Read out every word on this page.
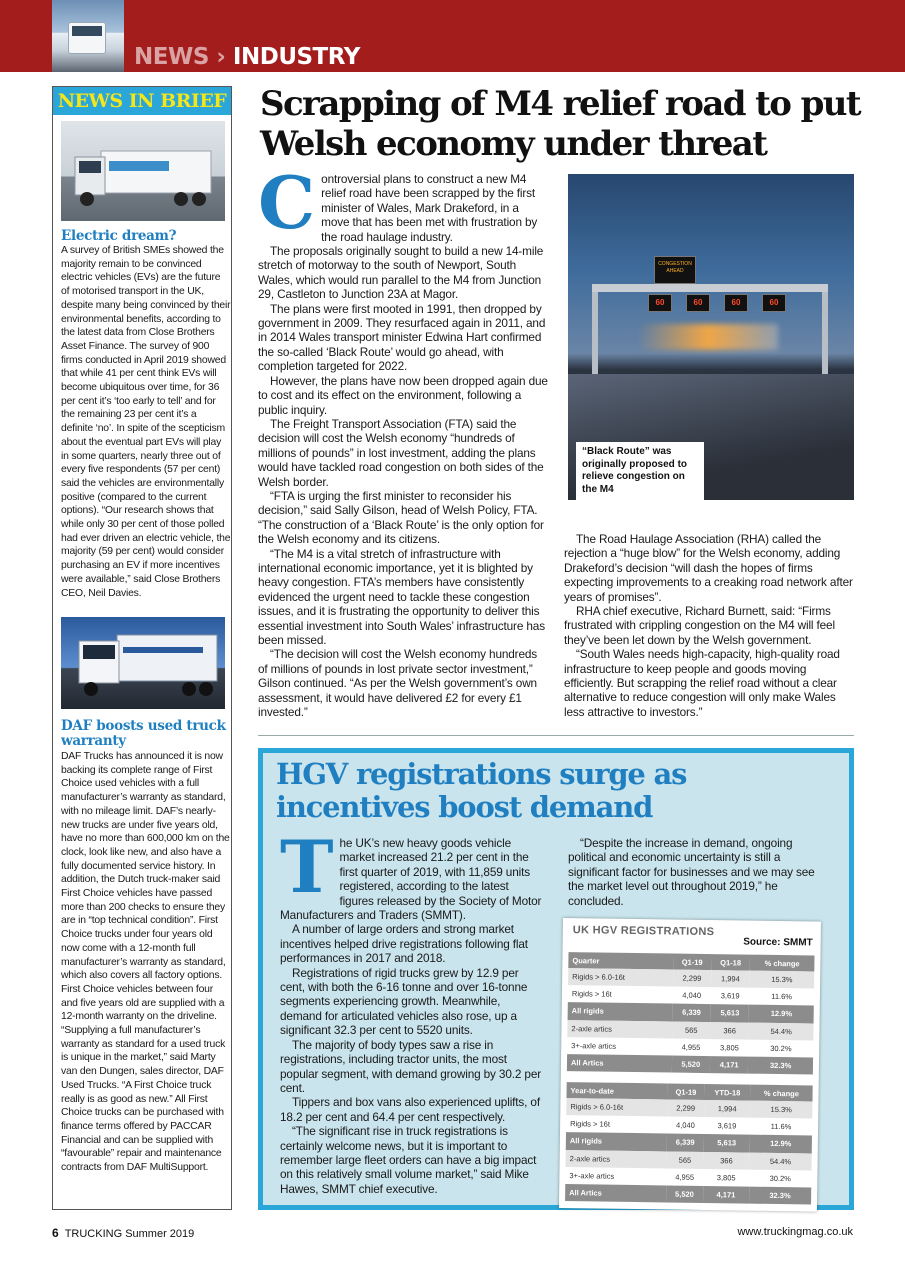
NEWS › INDUSTRY
NEWS IN BRIEF
Electric dream?
A survey of British SMEs showed the majority remain to be convinced electric vehicles (EVs) are the future of motorised transport in the UK, despite many being convinced by their environmental benefits, according to the latest data from Close Brothers Asset Finance. The survey of 900 firms conducted in April 2019 showed that while 41 per cent think EVs will become ubiquitous over time, for 36 per cent it’s ‘too early to tell’ and for the remaining 23 per cent it’s a definite ‘no’. In spite of the scepticism about the eventual part EVs will play in some quarters, nearly three out of every five respondents (57 per cent) said the vehicles are environmentally positive (compared to the current options). “Our research shows that while only 30 per cent of those polled had ever driven an electric vehicle, the majority (59 per cent) would consider purchasing an EV if more incentives were available,” said Close Brothers CEO, Neil Davies.
DAF boosts used truck warranty
DAF Trucks has announced it is now backing its complete range of First Choice used vehicles with a full manufacturer’s warranty as standard, with no mileage limit. DAF’s nearly-new trucks are under five years old, have no more than 600,000 km on the clock, look like new, and also have a fully documented service history. In addition, the Dutch truck-maker said First Choice vehicles have passed more than 200 checks to ensure they are in “top technical condition”. First Choice trucks under four years old now come with a 12-month full manufacturer’s warranty as standard, which also covers all factory options. First Choice vehicles between four and five years old are supplied with a 12-month warranty on the driveline. “Supplying a full manufacturer’s warranty as standard for a used truck is unique in the market,” said Marty van den Dungen, sales director, DAF Used Trucks. “A First Choice truck really is as good as new.” All First Choice trucks can be purchased with finance terms offered by PACCAR Financial and can be supplied with “favourable” repair and maintenance contracts from DAF MultiSupport.
Scrapping of M4 relief road to put Welsh economy under threat
C ontroversial plans to construct a new M4 relief road have been scrapped by the first minister of Wales, Mark Drakeford, in a move that has been met with frustration by the road haulage industry.

The proposals originally sought to build a new 14-mile stretch of motorway to the south of Newport, South Wales, which would run parallel to the M4 from Junction 29, Castleton to Junction 23A at Magor.

The plans were first mooted in 1991, then dropped by government in 2009. They resurfaced again in 2011, and in 2014 Wales transport minister Edwina Hart confirmed the so-called ‘Black Route’ would go ahead, with completion targeted for 2022.

However, the plans have now been dropped again due to cost and its effect on the environment, following a public inquiry.

The Freight Transport Association (FTA) said the decision will cost the Welsh economy “hundreds of millions of pounds” in lost investment, adding the plans would have tackled road congestion on both sides of the Welsh border.

“FTA is urging the first minister to reconsider his decision,” said Sally Gilson, head of Welsh Policy, FTA. “The construction of a ‘Black Route’ is the only option for the Welsh economy and its citizens.

“The M4 is a vital stretch of infrastructure with international economic importance, yet it is blighted by heavy congestion. FTA’s members have consistently evidenced the urgent need to tackle these congestion issues, and it is frustrating the opportunity to deliver this essential investment into South Wales’ infrastructure has been missed.

“The decision will cost the Welsh economy hundreds of millions of pounds in lost private sector investment,” Gilson continued. “As per the Welsh government’s own assessment, it would have delivered £2 for every £1 invested.”

CONGESTION
AHEAD
60	60	60	60
“Black Route” was originally proposed to relieve congestion on the M4

The Road Haulage Association (RHA) called the rejection a “huge blow” for the Welsh economy, adding Drakeford’s decision “will dash the hopes of firms expecting improvements to a creaking road network after years of promises”.

RHA chief executive, Richard Burnett, said: “Firms frustrated with crippling congestion on the M4 will feel they’ve been let down by the Welsh government.

“South Wales needs high-capacity, high-quality road infrastructure to keep people and goods moving efficiently. But scrapping the relief road without a clear alternative to reduce congestion will only make Wales less attractive to investors.”

HGV registrations surge as incentives boost demand
T he UK’s new heavy goods vehicle market increased 21.2 per cent in the first quarter of 2019, with 11,859 units registered, according to the latest figures released by the Society of Motor Manufacturers and Traders (SMMT).

A number of large orders and strong market incentives helped drive registrations following flat performances in 2017 and 2018.

Registrations of rigid trucks grew by 12.9 per cent, with both the 6-16 tonne and over 16-tonne segments experiencing growth. Meanwhile, demand for articulated vehicles also rose, up a significant 32.3 per cent to 5520 units.

The majority of body types saw a rise in registrations, including tractor units, the most popular segment, with demand growing by 30.2 per cent.

Tippers and box vans also experienced uplifts, of 18.2 per cent and 64.4 per cent respectively.

“The significant rise in truck registrations is certainly welcome news, but it is important to remember large fleet orders can have a big impact on this relatively small volume market,” said Mike Hawes, SMMT chief executive.

“Despite the increase in demand, ongoing political and economic uncertainty is still a significant factor for businesses and we may see the market level out throughout 2019,” he concluded.

UK HGV REGISTRATIONS
Source: SMMT
Quarter	Q1-19	Q1-18	% change
Rigids > 6.0-16t	2,299	1,994	15.3%
Rigids > 16t	4,040	3,619	11.6%
All rigids	6,339	5,613	12.9%
2-axle artics	565	366	54.4%
3+-axle artics	4,955	3,805	30.2%
All Artics	5,520	4,171	32.3%
Year-to-date	Q1-19	YTD-18	% change
Rigids > 6.0-16t	2,299	1,994	15.3%
Rigids > 16t	4,040	3,619	11.6%
All rigids	6,339	5,613	12.9%
2-axle artics	565	366	54.4%
3+-axle artics	4,955	3,805	30.2%
All Artics	5,520	4,171	32.3%
6 TRUCKING Summer 2019	www.truckingmag.co.uk
